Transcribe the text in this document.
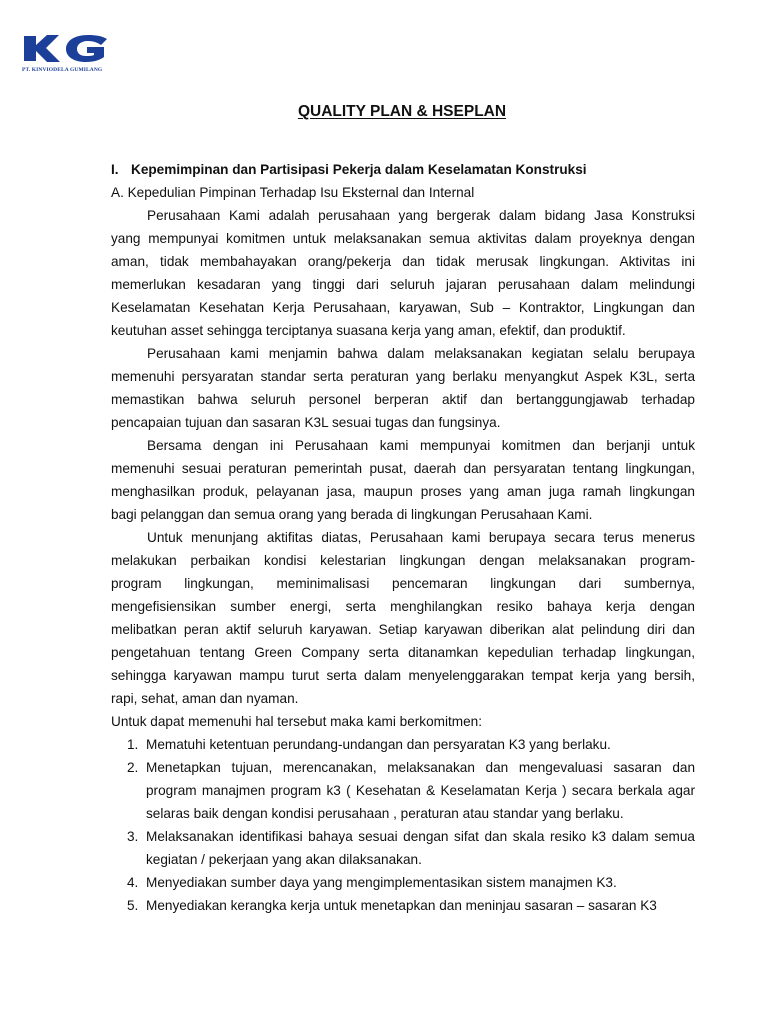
PT. KINVIODELA GUMILANG
QUALITY PLAN & HSEPLAN
I. Kepemimpinan dan Partisipasi Pekerja dalam Keselamatan Konstruksi
A. Kepedulian Pimpinan Terhadap Isu Eksternal dan Internal
Perusahaan Kami adalah perusahaan yang bergerak dalam bidang Jasa Konstruksi
yang mempunyai komitmen untuk melaksanakan semua aktivitas dalam proyeknya dengan
aman, tidak membahayakan orang/pekerja dan tidak merusak lingkungan. Aktivitas ini
memerlukan kesadaran yang tinggi dari seluruh jajaran perusahaan dalam melindungi
Keselamatan Kesehatan Kerja Perusahaan, karyawan, Sub – Kontraktor, Lingkungan dan
keutuhan asset sehingga terciptanya suasana kerja yang aman, efektif, dan produktif.
Perusahaan kami menjamin bahwa dalam melaksanakan kegiatan selalu berupaya
memenuhi persyaratan standar serta peraturan yang berlaku menyangkut Aspek K3L, serta
memastikan bahwa seluruh personel berperan aktif dan bertanggungjawab terhadap
pencapaian tujuan dan sasaran K3L sesuai tugas dan fungsinya.
Bersama dengan ini Perusahaan kami mempunyai komitmen dan berjanji untuk
memenuhi sesuai peraturan pemerintah pusat, daerah dan persyaratan tentang lingkungan,
menghasilkan produk, pelayanan jasa, maupun proses yang aman juga ramah lingkungan
bagi pelanggan dan semua orang yang berada di lingkungan Perusahaan Kami.
Untuk menunjang aktifitas diatas, Perusahaan kami berupaya secara terus menerus
melakukan perbaikan kondisi kelestarian lingkungan dengan melaksanakan program-
program lingkungan, meminimalisasi pencemaran lingkungan dari sumbernya,
mengefisiensikan sumber energi, serta menghilangkan resiko bahaya kerja dengan
melibatkan peran aktif seluruh karyawan. Setiap karyawan diberikan alat pelindung diri dan
pengetahuan tentang Green Company serta ditanamkan kepedulian terhadap lingkungan,
sehingga karyawan mampu turut serta dalam menyelenggarakan tempat kerja yang bersih,
rapi, sehat, aman dan nyaman.
Untuk dapat memenuhi hal tersebut maka kami berkomitmen:
1. Mematuhi ketentuan perundang-undangan dan persyaratan K3 yang berlaku.
2. Menetapkan tujuan, merencanakan, melaksanakan dan mengevaluasi sasaran dan
program manajmen program k3 ( Kesehatan & Keselamatan Kerja ) secara berkala agar
selaras baik dengan kondisi perusahaan , peraturan atau standar yang berlaku.
3. Melaksanakan identifikasi bahaya sesuai dengan sifat dan skala resiko k3 dalam semua
kegiatan / pekerjaan yang akan dilaksanakan.
4. Menyediakan sumber daya yang mengimplementasikan sistem manajmen K3.
5. Menyediakan kerangka kerja untuk menetapkan dan meninjau sasaran – sasaran K3
